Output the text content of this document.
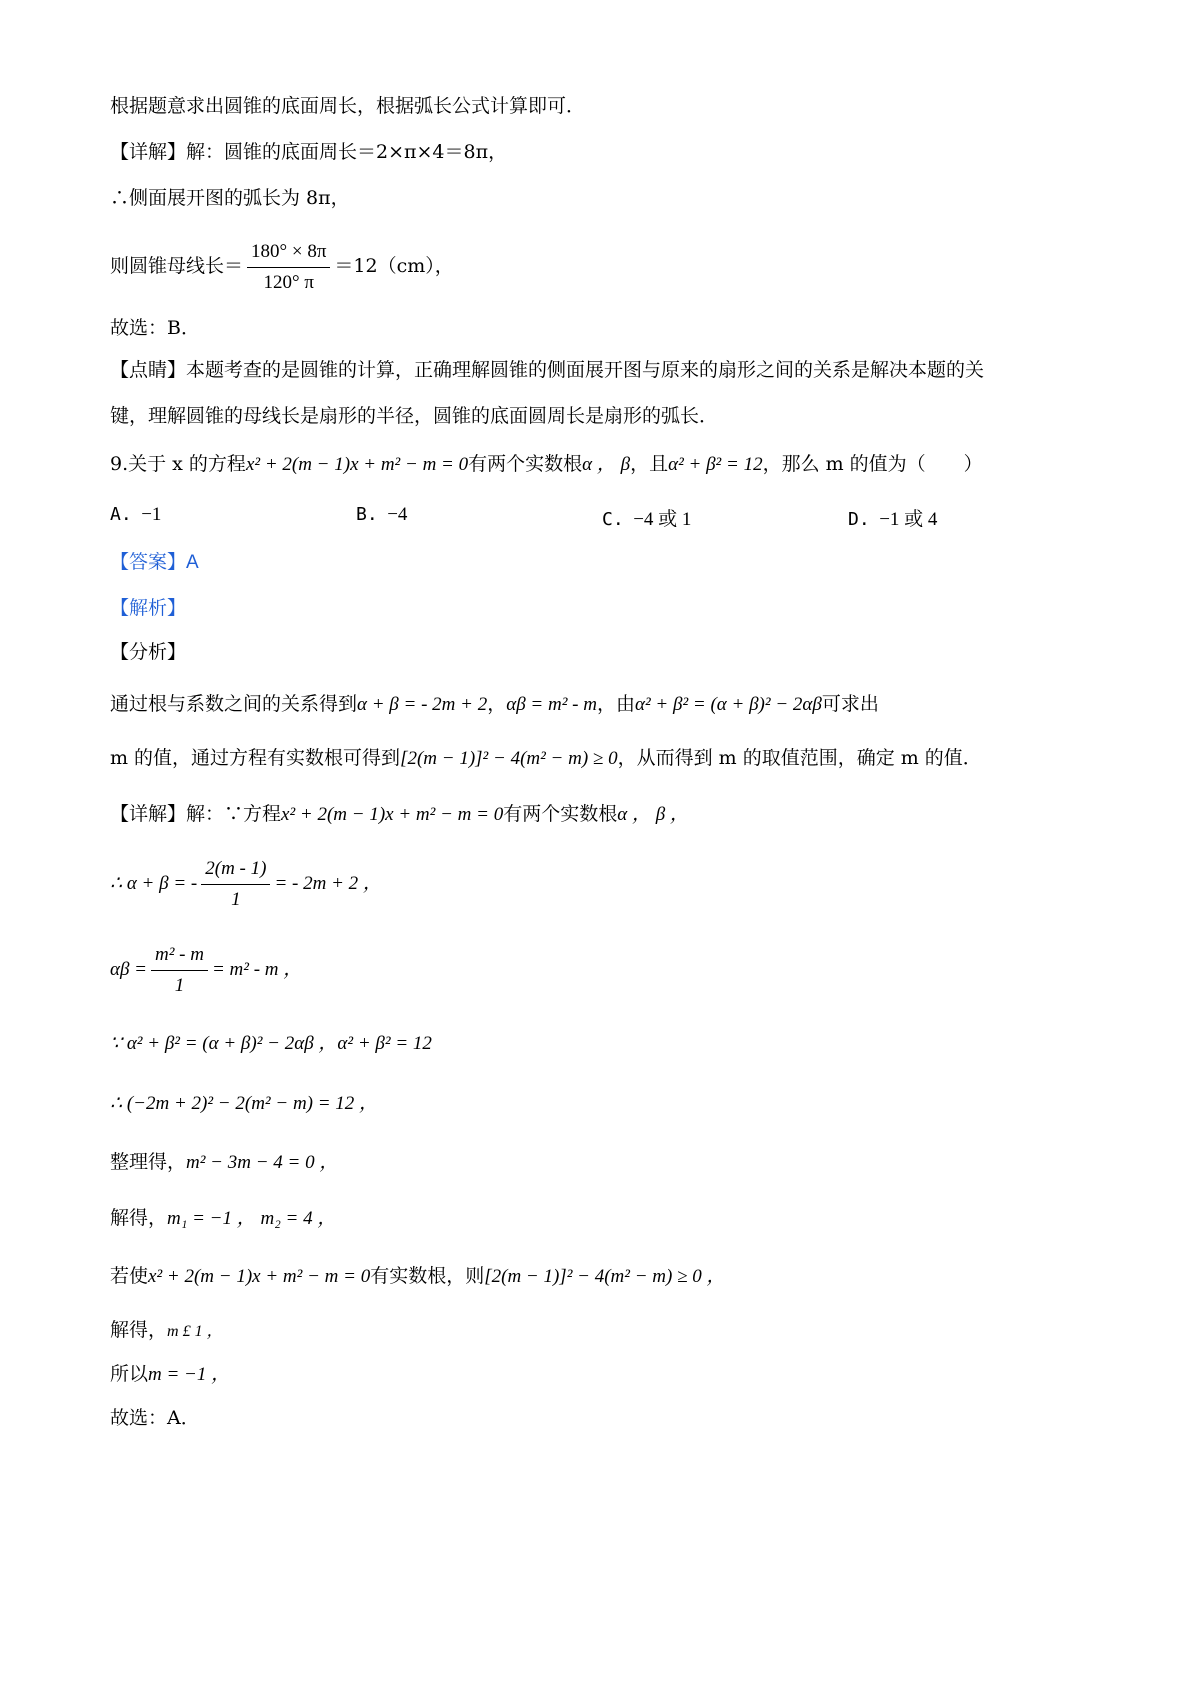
根据题意求出圆锥的底面周长，根据弧长公式计算即可．
【详解】解：圆锥的底面周长＝2×π×4＝8π，
∴侧面展开图的弧长为 8π，
则圆锥母线长＝ $\frac{180^\circ \times 8\pi}{120^\circ \pi} =12(cm)$，
故选：B．
【点睛】本题考查的是圆锥的计算，正确理解圆锥的侧面展开图与原来的扇形之间的关系是解决本题的关
键，理解圆锥的母线长是扇形的半径，圆锥的底面圆周长是扇形的弧长．
9.关于 x 的方程x² + 2(m − 1)x + m² − m = 0有两个实数根α ， β，且α² + β² = 12，那么 m 的值为（　　）
A. −1	B. −4	C. −4 或 1	D. −1 或 4
【答案】A
【解析】
【分析】
通过根与系数之间的关系得到α + β = - 2m + 2，αβ = m² - m，由α² + β² = (α + β)² − 2αβ可求出
m 的值，通过方程有实数根可得到[2(m − 1)]² − 4(m² − m) ≥ 0，从而得到 m 的取值范围，确定 m 的值．
【详解】解：∵方程x² + 2(m − 1)x + m² − m = 0有两个实数根α ， β ，
∴ α + β = - $\frac{2(m - 1)}{1}$ = - 2m + 2 ，
$\alpha\beta = \frac{\text{m² - m}}{1} = m^2 - m$ ，
∵ α² + β² = (α + β)² − 2αβ ，α² + β² = 12
∴ (−2m + 2)² − 2(m² − m) = 12 ，
整理得，m² − 3m − 4 = 0 ，
解得，m₁ = −1 ， m₂ = 4 ，
若使x² + 2(m − 1)x + m² − m = 0有实数根，则[2(m − 1)]² − 4(m² − m) ≥ 0 ，
解得，m £ 1 ，
所以m = −1 ，
故选：A．
